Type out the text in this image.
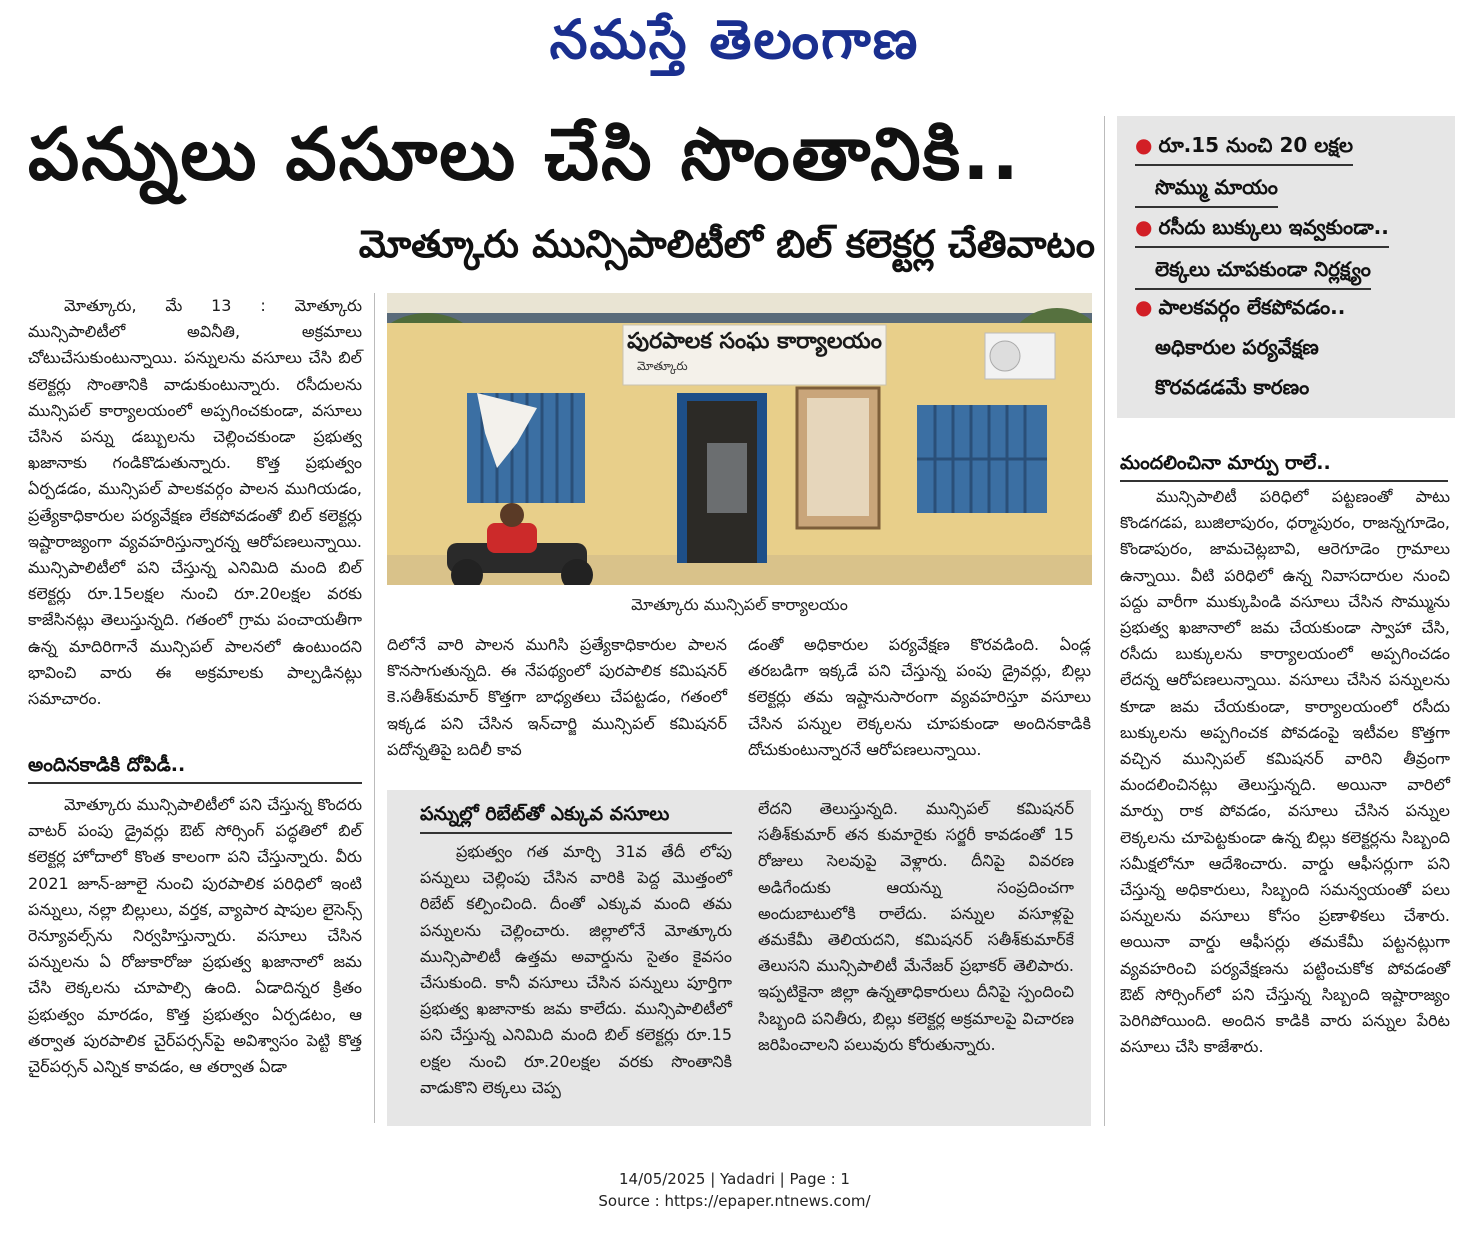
నమస్తే తెలంగాణ
పన్నులు వసూలు చేసి సొంతానికి..
మోత్కూరు మున్సిపాలిటీలో బిల్‌ కలెక్టర్ల చేతివాటం
● రూ.15 నుంచి 20 లక్షల
సొమ్ము మాయం
● రసీదు బుక్కులు ఇవ్వకుండా..
లెక్కలు చూపకుండా నిర్లక్ష్యం
● పాలకవర్గం లేకపోవడం..
అధికారుల పర్యవేక్షణ
కొరవడడమే కారణం

మోత్కూరు, మే 13 : మోత్కూరు మున్సిపాలిటీలో అవినీతి, అక్రమాలు చోటుచేసుకుంటున్నాయి. పన్నులను వసూలు చేసి బిల్‌ కలెక్టర్లు సొంతానికి వాడుకుంటున్నారు. రసీదులను మున్సిపల్‌ కార్యాలయంలో అప్పగించకుండా, వసూలు చేసిన పన్ను డబ్బులను చెల్లించకుండా ప్రభుత్వ ఖజానాకు గండికొడుతున్నారు. కొత్త ప్రభుత్వం ఏర్పడడం, మున్సిపల్‌ పాలకవర్గం పాలన ముగియడం, ప్రత్యేకాధికారుల పర్యవేక్షణ లేకపోవడంతో బిల్‌ కలెక్టర్లు ఇష్టారాజ్యంగా వ్యవహరిస్తున్నారన్న ఆరోపణలున్నాయి. మున్సిపాలిటీలో పని చేస్తున్న ఎనిమిది మంది బిల్‌ కలెక్టర్లు రూ.15లక్షల నుంచి రూ.20లక్షల వరకు కాజేసినట్లు తెలుస్తున్నది. గతంలో గ్రామ పంచాయతీగా ఉన్న మాదిరిగానే మున్సిపల్‌ పాలనలో ఉంటుందని భావించి వారు ఈ అక్రమాలకు పాల్పడినట్లు సమాచారం.

అందినకాడికి దోపిడీ..

మోత్కూరు మున్సిపాలిటీలో పని చేస్తున్న కొందరు వాటర్‌ పంపు డ్రైవర్లు ఔట్‌ సోర్సింగ్‌ పద్ధతిలో బిల్‌ కలెక్టర్ల హోదాలో కొంత కాలంగా పని చేస్తున్నారు. వీరు 2021 జూన్‌-జూలై నుంచి పురపాలిక పరిధిలో ఇంటి పన్నులు, నల్లా బిల్లులు, వర్తక, వ్యాపార షాపుల లైసెన్స్‌ రెన్యూవల్స్‌ను నిర్వహిస్తున్నారు. వసూలు చేసిన పన్నులను ఏ రోజుకారోజు ప్రభుత్వ ఖజానాలో జమ చేసి లెక్కలను చూపాల్సి ఉంది. ఏడాదిన్నర క్రితం ప్రభుత్వం మారడం, కొత్త ప్రభుత్వం ఏర్పడటం, ఆ తర్వాత పురపాలిక చైర్‌పర్సన్‌పై అవిశ్వాసం పెట్టి కొత్త చైర్‌పర్సన్‌ ఎన్నిక కావడం, ఆ తర్వాత ఏడా

పురపాలక సంఘ కార్యాలయం
మోత్కూరు
మోత్కూరు మున్సిపల్‌ కార్యాలయం

దిలోనే వారి పాలన ముగిసి ప్రత్యేకాధికారుల పాలన కొనసాగుతున్నది. ఈ నేపథ్యంలో పురపాలిక కమిషనర్‌ కె.సతీశ్‌కుమార్‌ కొత్తగా బాధ్యతలు చేపట్టడం, గతంలో ఇక్కడ పని చేసిన ఇన్‌చార్జి మున్సిపల్‌ కమిషనర్‌ పదోన్నతిపై బదిలీ కావ

డంతో అధికారుల పర్యవేక్షణ కొరవడింది. ఏండ్ల తరబడిగా ఇక్కడే పని చేస్తున్న పంపు డ్రైవర్లు, బిల్లు కలెక్టర్లు తమ ఇష్టానుసారంగా వ్యవహరిస్తూ వసూలు చేసిన పన్నుల లెక్కలను చూపకుండా అందినకాడికి దోచుకుంటున్నారనే ఆరోపణలున్నాయి.

పన్నుల్లో రిబేట్‌తో ఎక్కువ వసూలు

ప్రభుత్వం గత మార్చి 31వ తేదీ లోపు పన్నులు చెల్లింపు చేసిన వారికి పెద్ద మొత్తంలో రిబేట్‌ కల్పించింది. దీంతో ఎక్కువ మంది తమ పన్నులను చెల్లించారు. జిల్లాలోనే మోత్కూరు మున్సిపాలిటీ ఉత్తమ అవార్డును సైతం కైవసం చేసుకుంది. కానీ వసూలు చేసిన పన్నులు పూర్తిగా ప్రభుత్వ ఖజానాకు జమ కాలేదు. మున్సిపాలిటీలో పని చేస్తున్న ఎనిమిది మంది బిల్‌ కలెక్టర్లు రూ.15 లక్షల నుంచి రూ.20లక్షల వరకు సొంతానికి వాడుకొని లెక్కలు చెప్ప

లేదని తెలుస్తున్నది. మున్సిపల్‌ కమిషనర్‌ సతీశ్‌కుమార్‌ తన కుమారైకు సర్జరీ కావడంతో 15 రోజులు సెలవుపై వెళ్లారు. దీనిపై వివరణ అడిగేందుకు ఆయన్ను సంప్రదించగా అందుబాటులోకి రాలేదు. పన్నుల వసూళ్లపై తమకేమీ తెలియదని, కమిషనర్‌ సతీశ్‌కుమార్‌కే తెలుసని మున్సిపాలిటీ మేనేజర్‌ ప్రభాకర్‌ తెలిపారు. ఇప్పటికైనా జిల్లా ఉన్నతాధికారులు దీనిపై స్పందించి సిబ్బంది పనితీరు, బిల్లు కలెక్టర్ల అక్రమాలపై విచారణ జరిపించాలని పలువురు కోరుతున్నారు.

మందలించినా మార్పు రాలే..

మున్సిపాలిటీ పరిధిలో పట్టణంతో పాటు కొండగడప, బుజిలాపురం, ధర్మాపురం, రాజన్నగూడెం, కొండాపురం, జామచెట్లబావి, ఆరెగూడెం గ్రామాలు ఉన్నాయి. వీటి పరిధిలో ఉన్న నివాసదారుల నుంచి పద్దు వారీగా ముక్కుపిండి వసూలు చేసిన సొమ్మును ప్రభుత్వ ఖజానాలో జమ చేయకుండా స్వాహా చేసి, రసీదు బుక్కులను కార్యాలయంలో అప్పగించడం లేదన్న ఆరోపణలున్నాయి. వసూలు చేసిన పన్నులను కూడా జమ చేయకుండా, కార్యాలయంలో రసీదు బుక్కులను అప్పగించక పోవడంపై ఇటీవల కొత్తగా వచ్చిన మున్సిపల్‌ కమిషనర్‌ వారిని తీవ్రంగా మందలించినట్లు తెలుస్తున్నది. అయినా వారిలో మార్పు రాక పోవడం, వసూలు చేసిన పన్నుల లెక్కలను చూపెట్టకుండా ఉన్న బిల్లు కలెక్టర్లను సిబ్బంది సమీక్షలోనూ ఆదేశించారు. వార్డు ఆఫీసర్లుగా పని చేస్తున్న అధికారులు, సిబ్బంది సమన్వయంతో పలు పన్నులను వసూలు కోసం ప్రణాళికలు చేశారు. అయినా వార్డు ఆఫీసర్లు తమకేమీ పట్టనట్లుగా వ్యవహరించి పర్యవేక్షణను పట్టించుకోక పోవడంతో ఔట్‌ సోర్సింగ్‌లో పని చేస్తున్న సిబ్బంది ఇష్టారాజ్యం పెరిగిపోయింది. అందిన కాడికి వారు పన్నుల పేరిట వసూలు చేసి కాజేశారు.

14/05/2025 | Yadadri | Page : 1
Source : https://epaper.ntnews.com/
